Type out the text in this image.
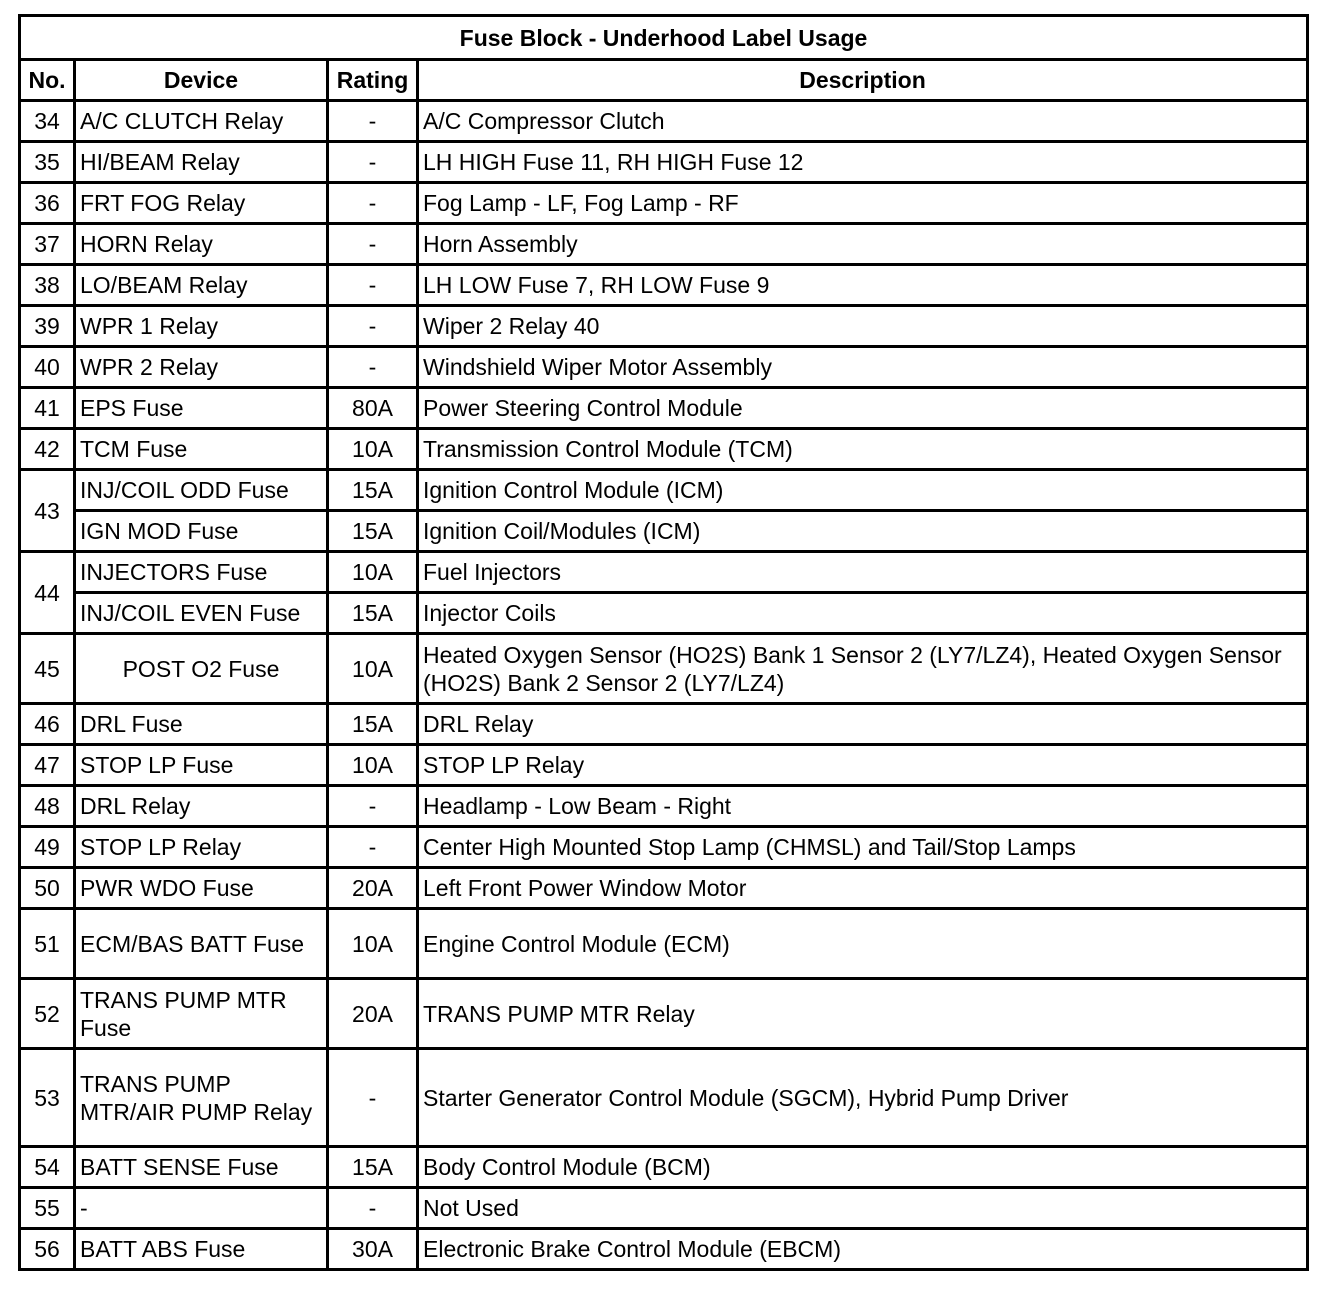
Fuse Block - Underhood Label Usage			
No.	Device	Rating	Description
34	A/C CLUTCH Relay	-	A/C Compressor Clutch
35	HI/BEAM Relay	-	LH HIGH Fuse 11, RH HIGH Fuse 12
36	FRT FOG Relay	-	Fog Lamp - LF, Fog Lamp - RF
37	HORN Relay	-	Horn Assembly
38	LO/BEAM Relay	-	LH LOW Fuse 7, RH LOW Fuse 9
39	WPR 1 Relay	-	Wiper 2 Relay 40
40	WPR 2 Relay	-	Windshield Wiper Motor Assembly
41	EPS Fuse	80A	Power Steering Control Module
42	TCM Fuse	10A	Transmission Control Module (TCM)
43	INJ/COIL ODD Fuse	15A	Ignition Control Module (ICM)
	IGN MOD Fuse	15A	Ignition Coil/Modules (ICM)
44	INJECTORS Fuse	10A	Fuel Injectors
	INJ/COIL EVEN Fuse	15A	Injector Coils
45	POST O2 Fuse	10A	Heated Oxygen Sensor (HO2S) Bank 1 Sensor 2 (LY7/LZ4), Heated Oxygen Sensor (HO2S) Bank 2 Sensor 2 (LY7/LZ4)
46	DRL Fuse	15A	DRL Relay
47	STOP LP Fuse	10A	STOP LP Relay
48	DRL Relay	-	Headlamp - Low Beam - Right
49	STOP LP Relay	-	Center High Mounted Stop Lamp (CHMSL) and Tail/Stop Lamps
50	PWR WDO Fuse	20A	Left Front Power Window Motor
51	ECM/BAS BATT Fuse	10A	Engine Control Module (ECM)
52	TRANS PUMP MTR Fuse	20A	TRANS PUMP MTR Relay
53	TRANS PUMP MTR/AIR PUMP Relay	-	Starter Generator Control Module (SGCM), Hybrid Pump Driver
54	BATT SENSE Fuse	15A	Body Control Module (BCM)
55	-	-	Not Used
56	BATT ABS Fuse	30A	Electronic Brake Control Module (EBCM)
